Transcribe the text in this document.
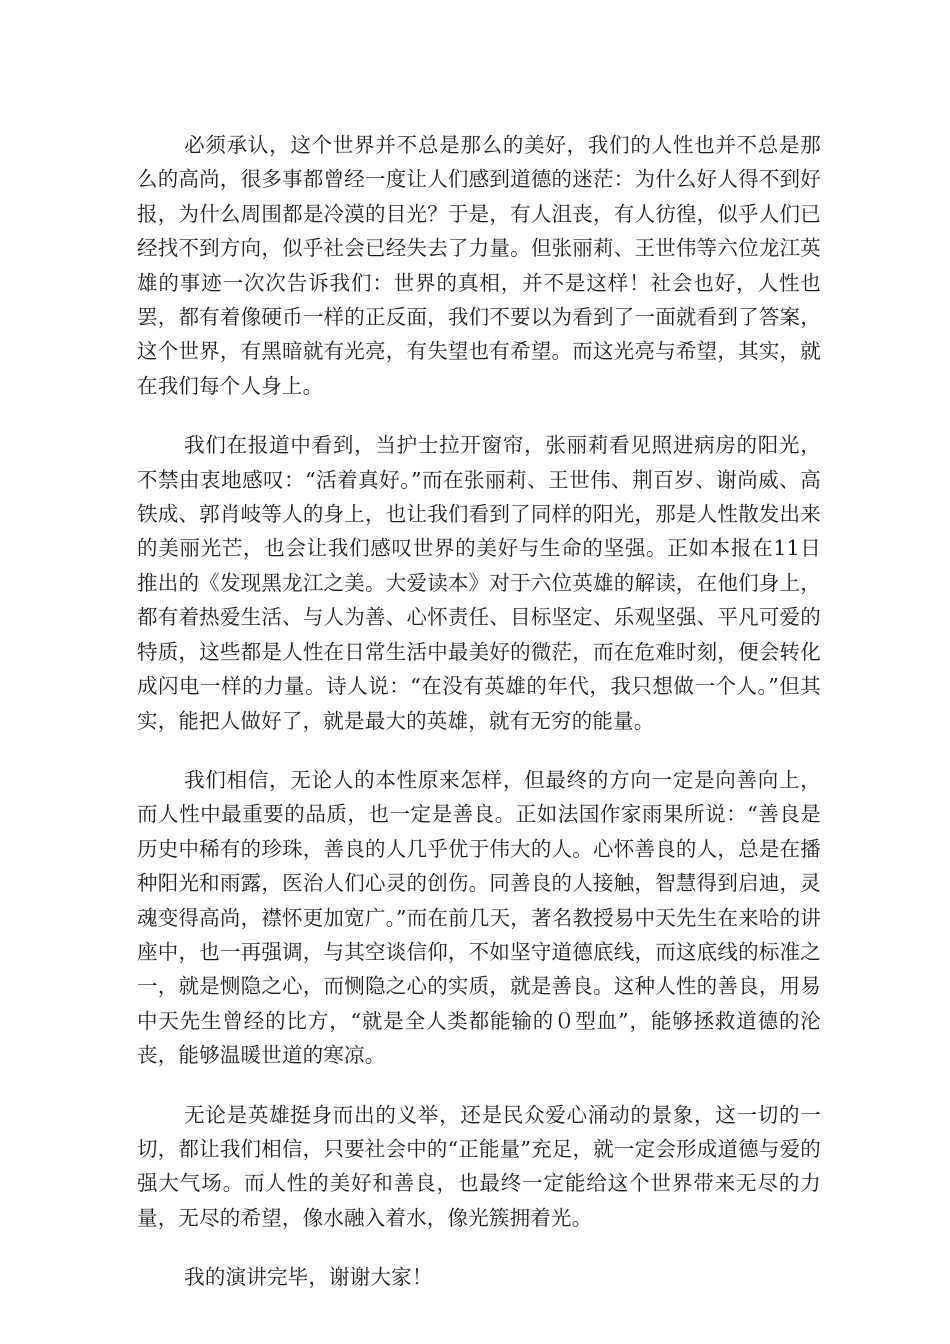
必须承认，这个世界并不总是那么的美好，我们的人性也并不总是那么的高尚，很多事都曾经一度让人们感到道德的迷茫：为什么好人得不到好报，为什么周围都是冷漠的目光？于是，有人沮丧，有人彷徨，似乎人们已经找不到方向，似乎社会已经失去了力量。但张丽莉、王世伟等六位龙江英雄的事迹一次次告诉我们：世界的真相，并不是这样！社会也好，人性也罢，都有着像硬币一样的正反面，我们不要以为看到了一面就看到了答案，这个世界，有黑暗就有光亮，有失望也有希望。而这光亮与希望，其实，就在我们每个人身上。

我们在报道中看到，当护士拉开窗帘，张丽莉看见照进病房的阳光，不禁由衷地感叹：“活着真好。”而在张丽莉、王世伟、荆百岁、谢尚威、高铁成、郭肖岐等人的身上，也让我们看到了同样的阳光，那是人性散发出来的美丽光芒，也会让我们感叹世界的美好与生命的坚强。正如本报在11日推出的《发现黑龙江之美。大爱读本》对于六位英雄的解读，在他们身上，都有着热爱生活、与人为善、心怀责任、目标坚定、乐观坚强、平凡可爱的特质，这些都是人性在日常生活中最美好的微茫，而在危难时刻，便会转化成闪电一样的力量。诗人说：“在没有英雄的年代，我只想做一个人。”但其实，能把人做好了，就是最大的英雄，就有无穷的能量。

我们相信，无论人的本性原来怎样，但最终的方向一定是向善向上，而人性中最重要的品质，也一定是善良。正如法国作家雨果所说：“善良是历史中稀有的珍珠，善良的人几乎优于伟大的人。心怀善良的人，总是在播种阳光和雨露，医治人们心灵的创伤。同善良的人接触，智慧得到启迪，灵魂变得高尚，襟怀更加宽广。”而在前几天，著名教授易中天先生在来哈的讲座中，也一再强调，与其空谈信仰，不如坚守道德底线，而这底线的标准之一，就是恻隐之心，而恻隐之心的实质，就是善良。这种人性的善良，用易中天先生曾经的比方，“就是全人类都能输的０型血”，能够拯救道德的沦丧，能够温暖世道的寒凉。

无论是英雄挺身而出的义举，还是民众爱心涌动的景象，这一切的一切，都让我们相信，只要社会中的“正能量”充足，就一定会形成道德与爱的强大气场。而人性的美好和善良，也最终一定能给这个世界带来无尽的力量，无尽的希望，像水融入着水，像光簇拥着光。

我的演讲完毕，谢谢大家！
